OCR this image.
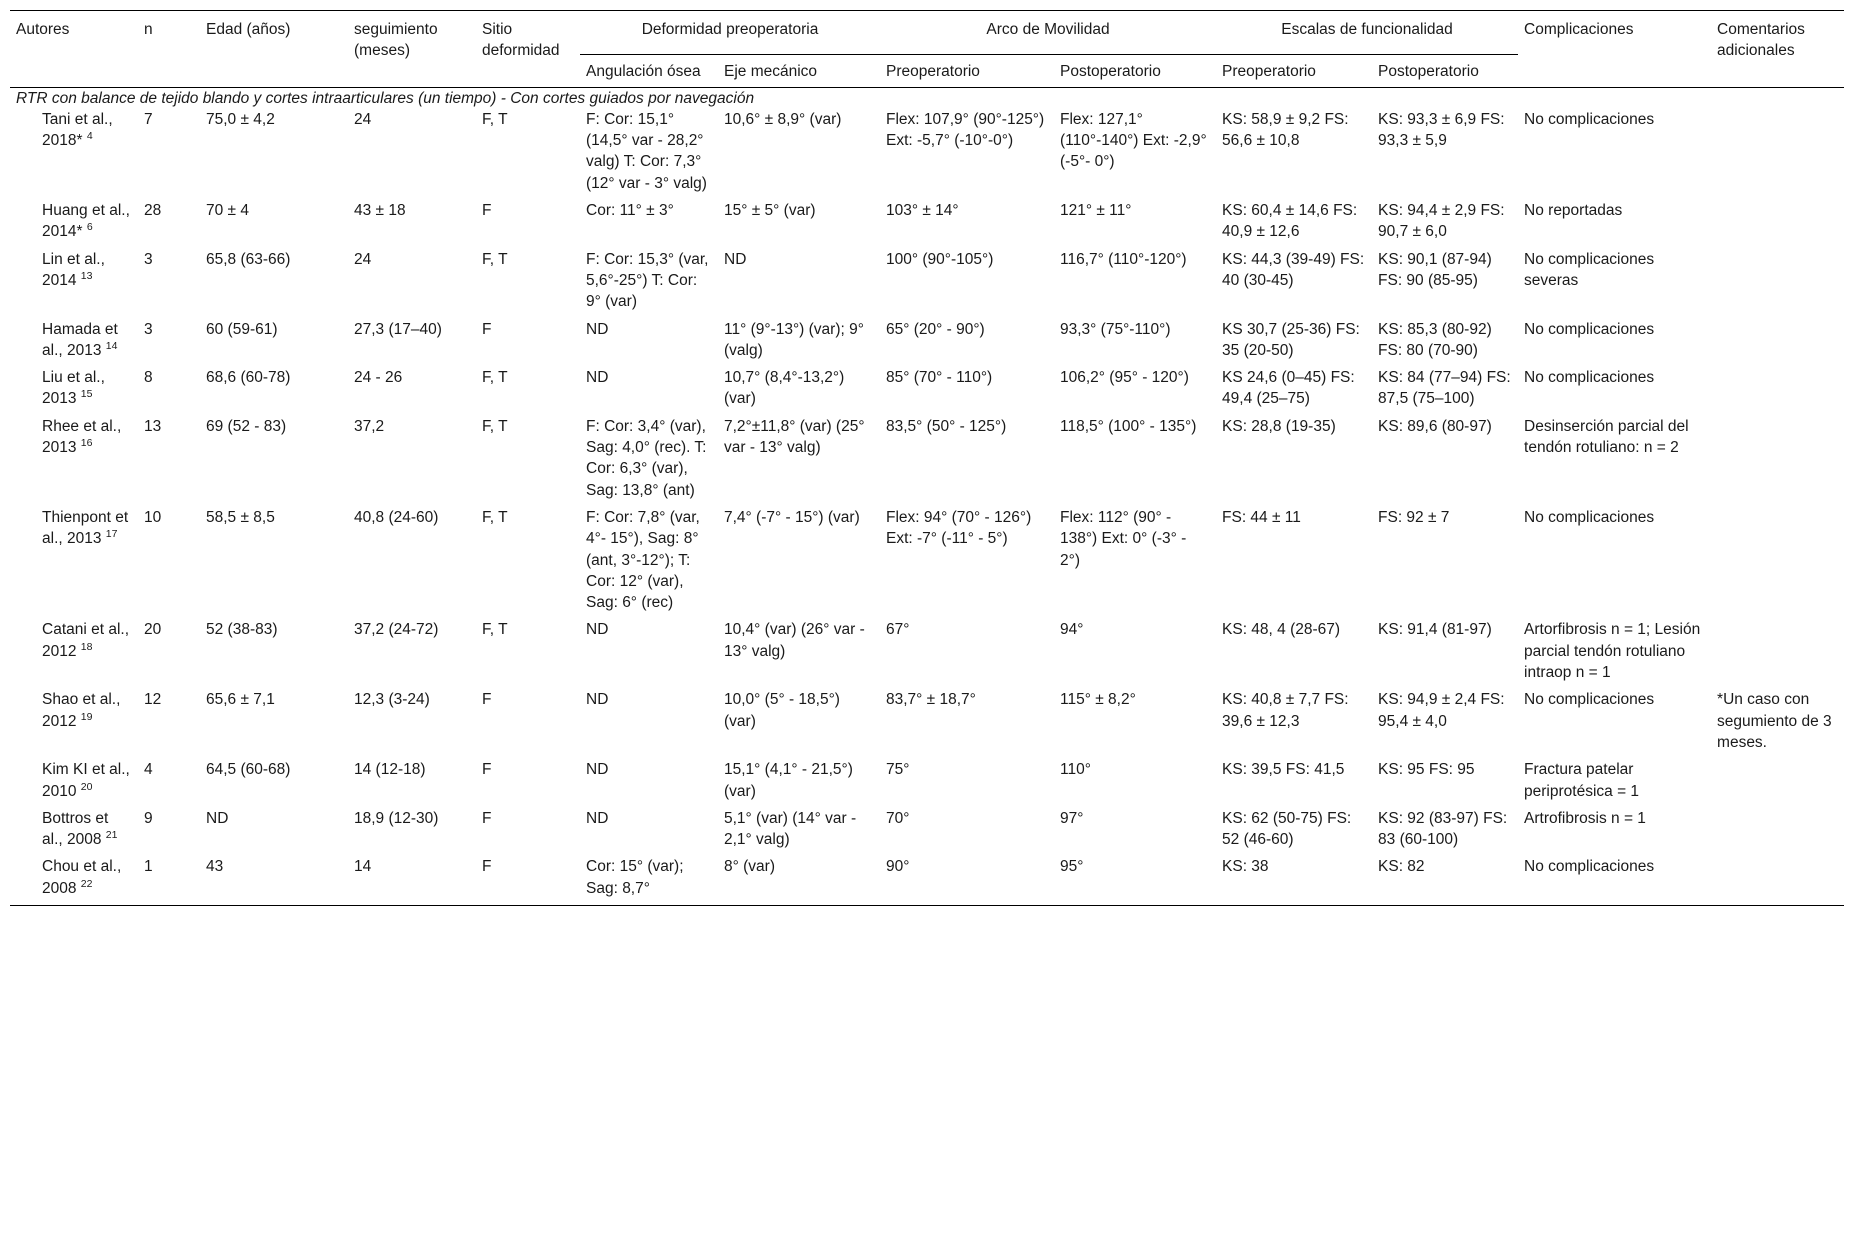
Autores	n	Edad (años)	seguimiento (meses)	Sitio deformidad	Deformidad preoperatoria		Arco de Movilidad		Escalas de funcionalidad		Complicaciones	Comentarios adicionales
					Angulación ósea	Eje mecánico	Preoperatorio	Postoperatorio	Preoperatorio	Postoperatorio		
RTR con balance de tejido blando y cortes intraarticulares (un tiempo) - Con cortes guiados por navegación												
Tani et al., 2018* $^4$	7	75,0 ± 4,2	24	F, T	F: Cor: 15,1° (14,5° var - 28,2° valg) T: Cor: 7,3° (12° var - 3° valg)	10,6° ± 8,9° (var)	Flex: 107,9° (90°-125°) Ext: -5,7° (-10°-0°)	Flex: 127,1° (110°-140°) Ext: -2,9° (-5°- 0°)	KS: 58,9 ± 9,2 FS: 56,6 ± 10,8	KS: 93,3 ± 6,9 FS: 93,3 ± 5,9	No complicaciones	
Huang et al., 2014* $^6$	28	70 ± 4	43 ± 18	F	Cor: 11° ± 3°	15° ± 5° (var)	103° ± 14°	121° ± 11°	KS: 60,4 ± 14,6 FS: 40,9 ± 12,6	KS: 94,4 ± 2,9 FS: 90,7 ± 6,0	No reportadas	
Lin et al., 2014 $^{13}$	3	65,8 (63-66)	24	F, T	F: Cor: 15,3° (var, 5,6°-25°) T: Cor: 9° (var)	ND	100° (90°-105°)	116,7° (110°-120°)	KS: 44,3 (39-49) FS: 40 (30-45)	KS: 90,1 (87-94) FS: 90 (85-95)	No complicaciones severas	
Hamada et al., 2013 $^{14}$	3	60 (59-61)	27,3 (17–40)	F	ND	11° (9°-13°) (var); 9° (valg)	65° (20° - 90°)	93,3° (75°-110°)	KS 30,7 (25-36) FS: 35 (20-50)	KS: 85,3 (80-92) FS: 80 (70-90)	No complicaciones	
Liu et al., 2013 $^{15}$	8	68,6 (60-78)	24 - 26	F, T	ND	10,7° (8,4°-13,2°) (var)	85° (70° - 110°)	106,2° (95° - 120°)	KS 24,6 (0–45) FS: 49,4 (25–75)	KS: 84 (77–94) FS: 87,5 (75–100)	No complicaciones	
Rhee et al., 2013 $^{16}$	13	69 (52 - 83)	37,2	F, T	F: Cor: 3,4° (var), Sag: 4,0° (rec). T: Cor: 6,3° (var), Sag: 13,8° (ant)	7,2°±11,8° (var) (25° var - 13° valg)	83,5° (50° - 125°)	118,5° (100° - 135°)	KS: 28,8 (19-35)	KS: 89,6 (80-97)	Desinserción parcial del tendón rotuliano: n = 2	
Thienpont et al., 2013 $^{17}$	10	58,5 ± 8,5	40,8 (24-60)	F, T	F: Cor: 7,8° (var, 4°- 15°), Sag: 8°(ant, 3°-12°); T: Cor: 12° (var), Sag: 6° (rec)	7,4° (-7° - 15°) (var)	Flex: 94° (70° - 126°) Ext: -7° (-11° - 5°)	Flex: 112° (90° - 138°) Ext: 0° (-3° - 2°)	FS: 44 ± 11	FS: 92 ± 7	No complicaciones	
Catani et al., 2012 $^{18}$	20	52 (38-83)	37,2 (24-72)	F, T	ND	10,4° (var) (26° var - 13° valg)	67°	94°	KS: 48, 4 (28-67)	KS: 91,4 (81-97)	Artorfibrosis n = 1; Lesión parcial tendón rotuliano intraop n = 1	
Shao et al., 2012 $^{19}$	12	65,6 ± 7,1	12,3 (3-24)	F	ND	10,0° (5° - 18,5°) (var)	83,7° ± 18,7°	115° ± 8,2°	KS: 40,8 ± 7,7 FS: 39,6 ± 12,3	KS: 94,9 ± 2,4 FS: 95,4 ± 4,0	No complicaciones	*Un caso con segumiento de 3 meses.
Kim KI et al., 2010 $^{20}$	4	64,5 (60-68)	14 (12-18)	F	ND	15,1° (4,1° - 21,5°) (var)	75°	110°	KS: 39,5 FS: 41,5	KS: 95 FS: 95	Fractura patelar periprotésica = 1	
Bottros et al., 2008 $^{21}$	9	ND	18,9 (12-30)	F	ND	5,1° (var) (14° var - 2,1° valg)	70°	97°	KS: 62 (50-75) FS: 52 (46-60)	KS: 92 (83-97) FS: 83 (60-100)	Artrofibrosis n = 1	
Chou et al., 2008 $^{22}$	1	43	14	F	Cor: 15° (var); Sag: 8,7°	8° (var)	90°	95°	KS: 38	KS: 82	No complicaciones	
